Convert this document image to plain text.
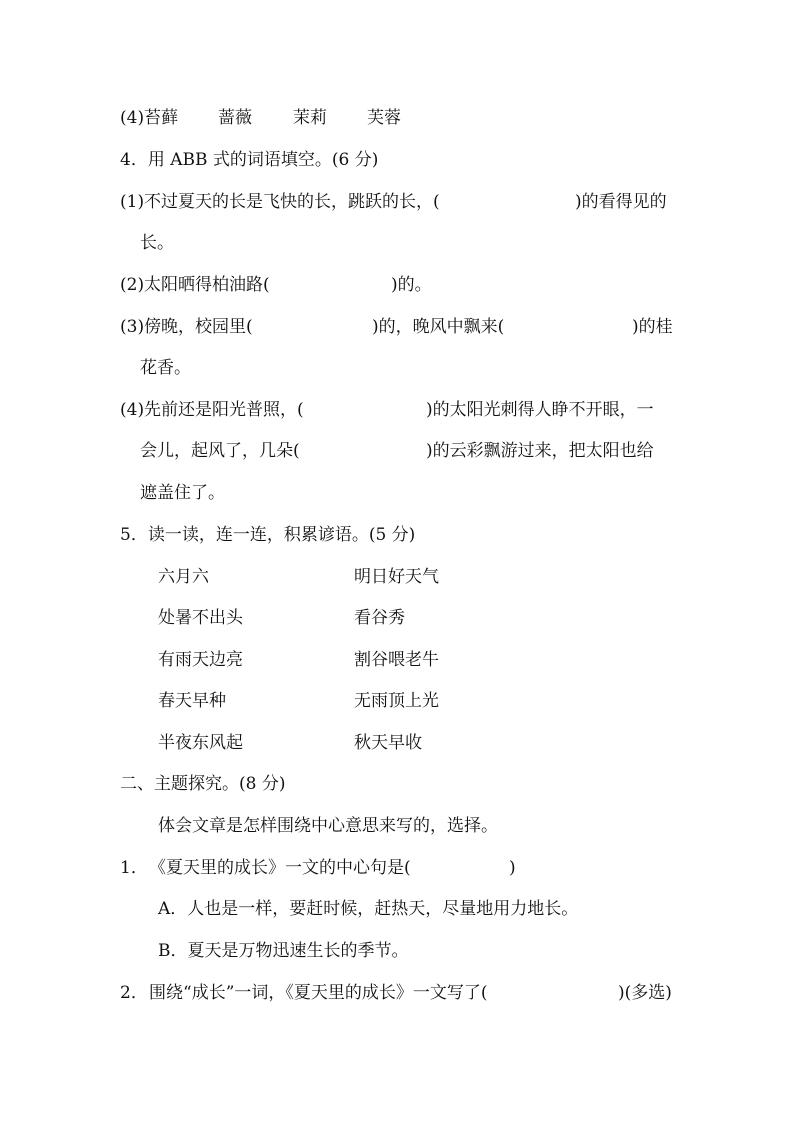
(4) 苔藓 蔷薇 茉莉 芙蓉
4．用 ABB 式的词语填空。(6 分)
(1) 不过夏天的长是飞快的长，跳跃的长，(	)的看得见的
长。
(2) 太阳晒得柏油路(	)的。
(3) 傍晚，校园里(	)的，晚风中飘来(	)的桂
花香。
(4) 先前还是阳光普照，(	)的太阳光刺得人睁不开眼，一
会儿，起风了，几朵(	)的云彩飘游过来，把太阳也给
遮盖住了。
5．读一读，连一连，积累谚语。(5 分)
六月六	明日好天气
处暑不出头	看谷秀
有雨天边亮	割谷喂老牛
春天早种	无雨顶上光
半夜东风起	秋天早收
二、主题探究。(8 分)
体会文章是怎样围绕中心意思来写的，选择。
1． 《夏天里的成长》一文的中心句是(	)
A．人也是一样，要赶时候，赶热天，尽量地用力地长。
B．夏天是万物迅速生长的季节。
2． 围绕“成长”一词，《夏天里的成长》一文写了(	)(多选)
